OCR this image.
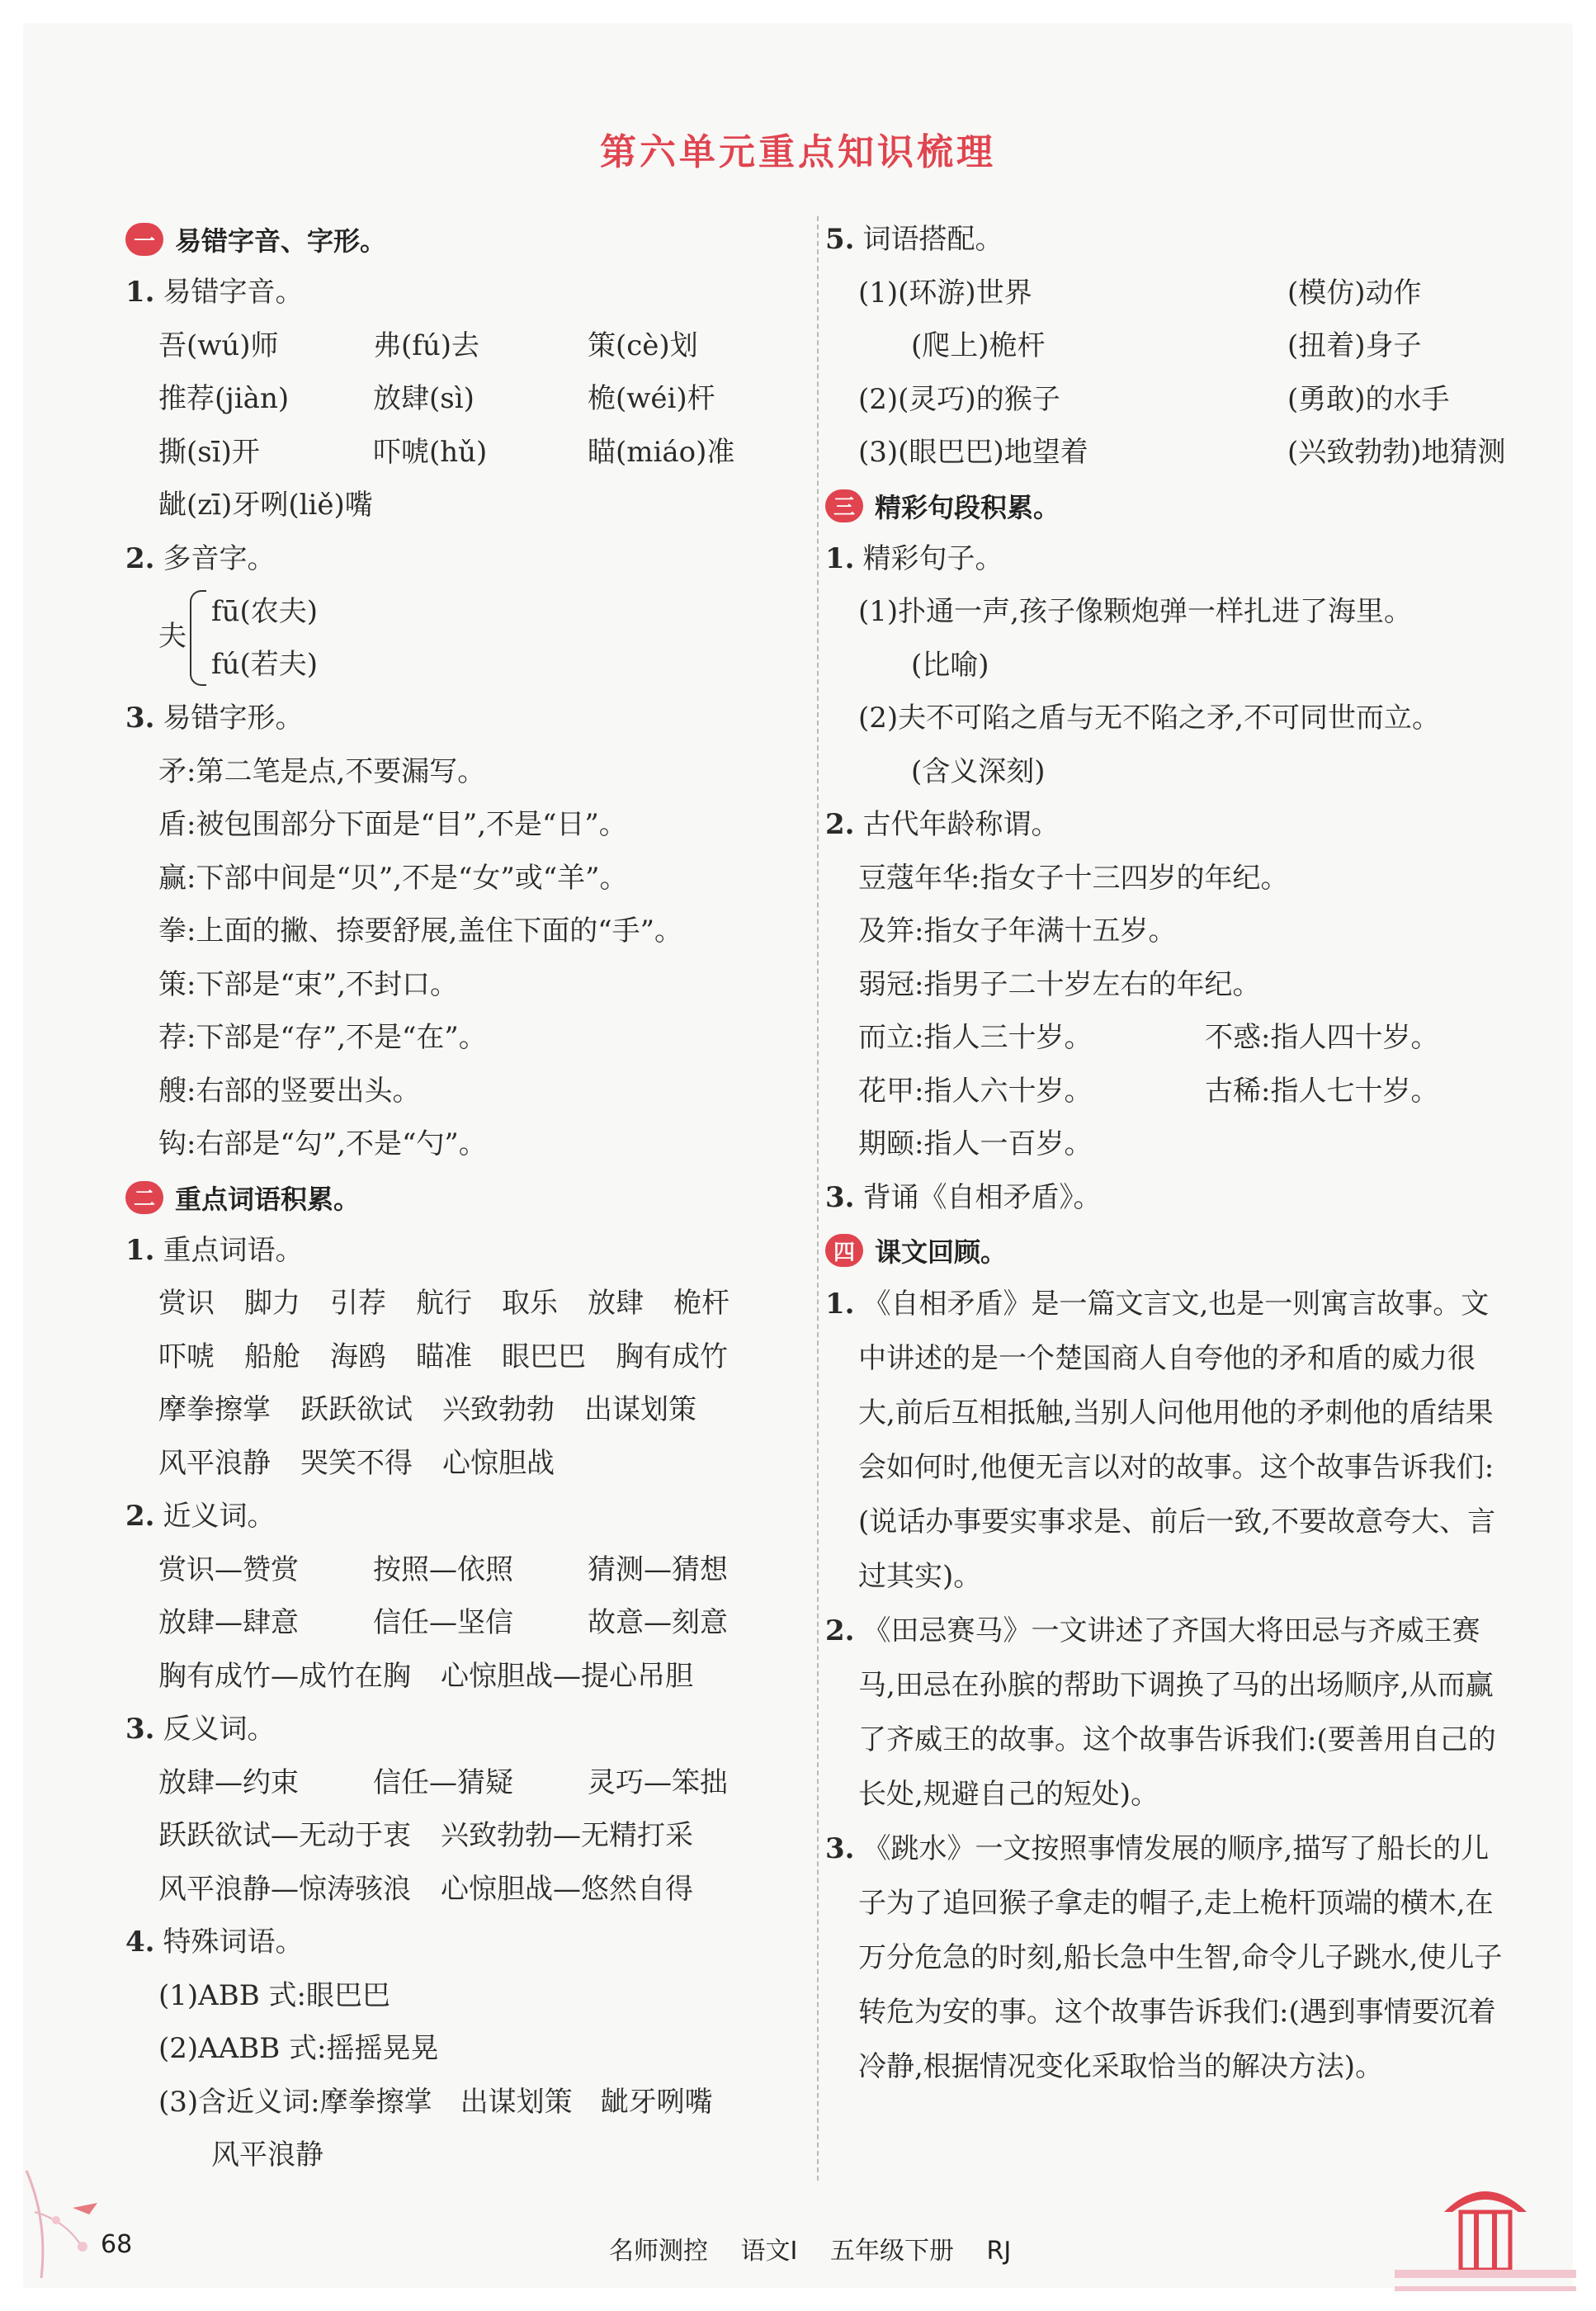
第六单元重点知识梳理
一 易错字音、字形。
1. 易错字音。
吾(wú)师	弗(fú)去	策(cè)划
推荐(jiàn)	放肆(sì)	桅(wéi)杆
撕(sī)开	吓唬(hǔ)	瞄(miáo)准
龇(zī)牙咧(liě)嘴
2. 多音字。
夫
fū(农夫)
fú(若夫)
3. 易错字形。
矛:第二笔是点,不要漏写。
盾:被包围部分下面是“目”,不是“日”。
赢:下部中间是“贝”,不是“女”或“羊”。
拳:上面的撇、捺要舒展,盖住下面的“手”。
策:下部是“束”,不封口。
荐:下部是“存”,不是“在”。
艘:右部的竖要出头。
钩:右部是“勾”,不是“勺”。
二 重点词语积累。
1. 重点词语。
赏识 脚力 引荐 航行 取乐 放肆 桅杆
吓唬 船舱 海鸥 瞄准 眼巴巴 胸有成竹
摩拳擦掌 跃跃欲试 兴致勃勃 出谋划策
风平浪静 哭笑不得 心惊胆战
2. 近义词。
赏识—赞赏	按照—依照	猜测—猜想
放肆—肆意	信任—坚信	故意—刻意
胸有成竹—成竹在胸 心惊胆战—提心吊胆
3. 反义词。
放肆—约束	信任—猜疑	灵巧—笨拙
跃跃欲试—无动于衷 兴致勃勃—无精打采
风平浪静—惊涛骇浪 心惊胆战—悠然自得
4. 特殊词语。
(1)ABB 式:眼巴巴
(2)AABB 式:摇摇晃晃
(3)含近义词:摩拳擦掌　出谋划策　龇牙咧嘴
风平浪静
5. 词语搭配。
(1)(环游)世界	(模仿)动作
(爬上)桅杆	(扭着)身子
(2)(灵巧)的猴子	(勇敢)的水手
(3)(眼巴巴)地望着	(兴致勃勃)地猜测
三 精彩句段积累。
1. 精彩句子。
(1)扑通一声,孩子像颗炮弹一样扎进了海里。
(比喻)
(2)夫不可陷之盾与无不陷之矛,不可同世而立。
(含义深刻)
2. 古代年龄称谓。
豆蔻年华:指女子十三四岁的年纪。
及笄:指女子年满十五岁。
弱冠:指男子二十岁左右的年纪。
而立:指人三十岁。	不惑:指人四十岁。
花甲:指人六十岁。	古稀:指人七十岁。
期颐:指人一百岁。
3. 背诵《自相矛盾》。
四 课文回顾。
1. 《自相矛盾》是一篇文言文,也是一则寓言故事。文中讲述的是一个楚国商人自夸他的矛和盾的威力很大,前后互相抵触,当别人问他用他的矛刺他的盾结果会如何时,他便无言以对的故事。这个故事告诉我们:(说话办事要实事求是、前后一致,不要故意夸大、言过其实)。
2. 《田忌赛马》一文讲述了齐国大将田忌与齐威王赛马,田忌在孙膑的帮助下调换了马的出场顺序,从而赢了齐威王的故事。这个故事告诉我们:(要善用自己的长处,规避自己的短处)。
3. 《跳水》一文按照事情发展的顺序,描写了船长的儿子为了追回猴子拿走的帽子,走上桅杆顶端的横木,在万分危急的时刻,船长急中生智,命令儿子跳水,使儿子转危为安的事。这个故事告诉我们:(遇到事情要沉着冷静,根据情况变化采取恰当的解决方法)。
68	名师测控 语文Ⅰ 五年级下册 RJ
